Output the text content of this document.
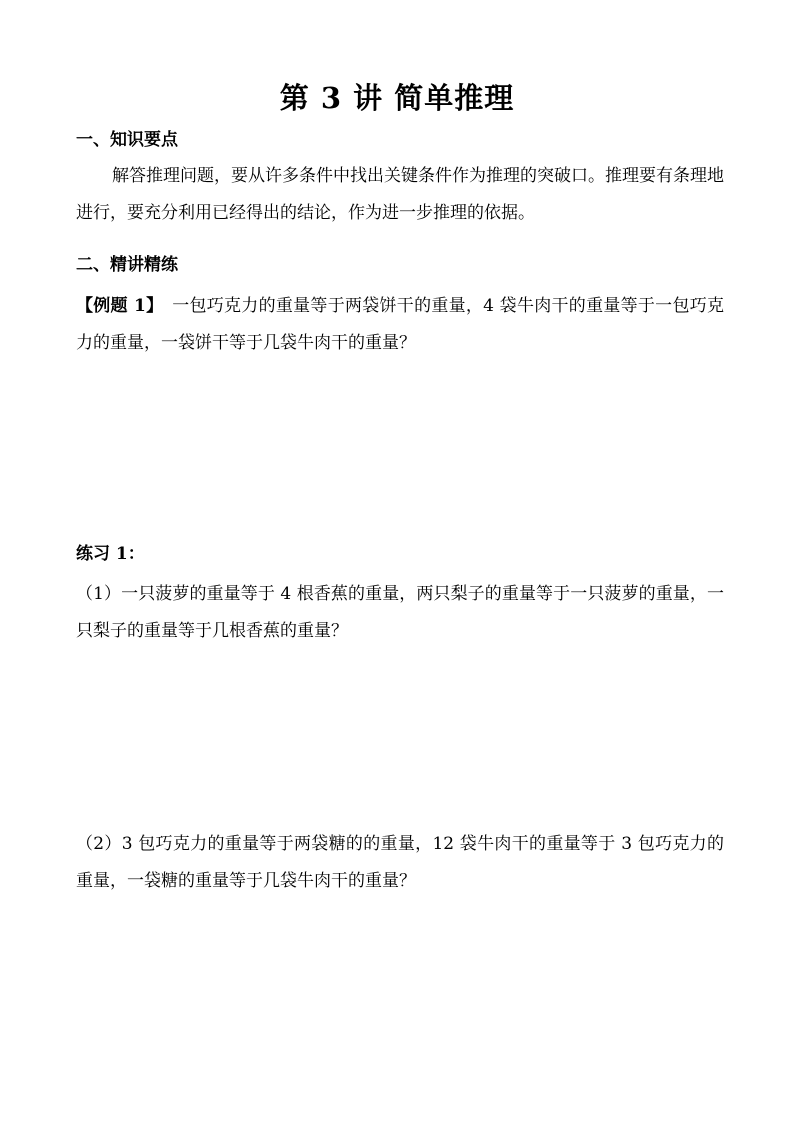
第 3 讲 简单推理
一、知识要点
解答推理问题，要从许多条件中找出关键条件作为推理的突破口。推理要有条理地进行，要充分利用已经得出的结论，作为进一步推理的依据。
二、精讲精练
【例题 1】　一包巧克力的重量等于两袋饼干的重量，4 袋牛肉干的重量等于一包巧克力的重量，一袋饼干等于几袋牛肉干的重量？
练习 1：
（1）一只菠萝的重量等于 4 根香蕉的重量，两只梨子的重量等于一只菠萝的重量，一只梨子的重量等于几根香蕉的重量？
（2）3 包巧克力的重量等于两袋糖的的重量，12 袋牛肉干的重量等于 3 包巧克力的重量，一袋糖的重量等于几袋牛肉干的重量？
